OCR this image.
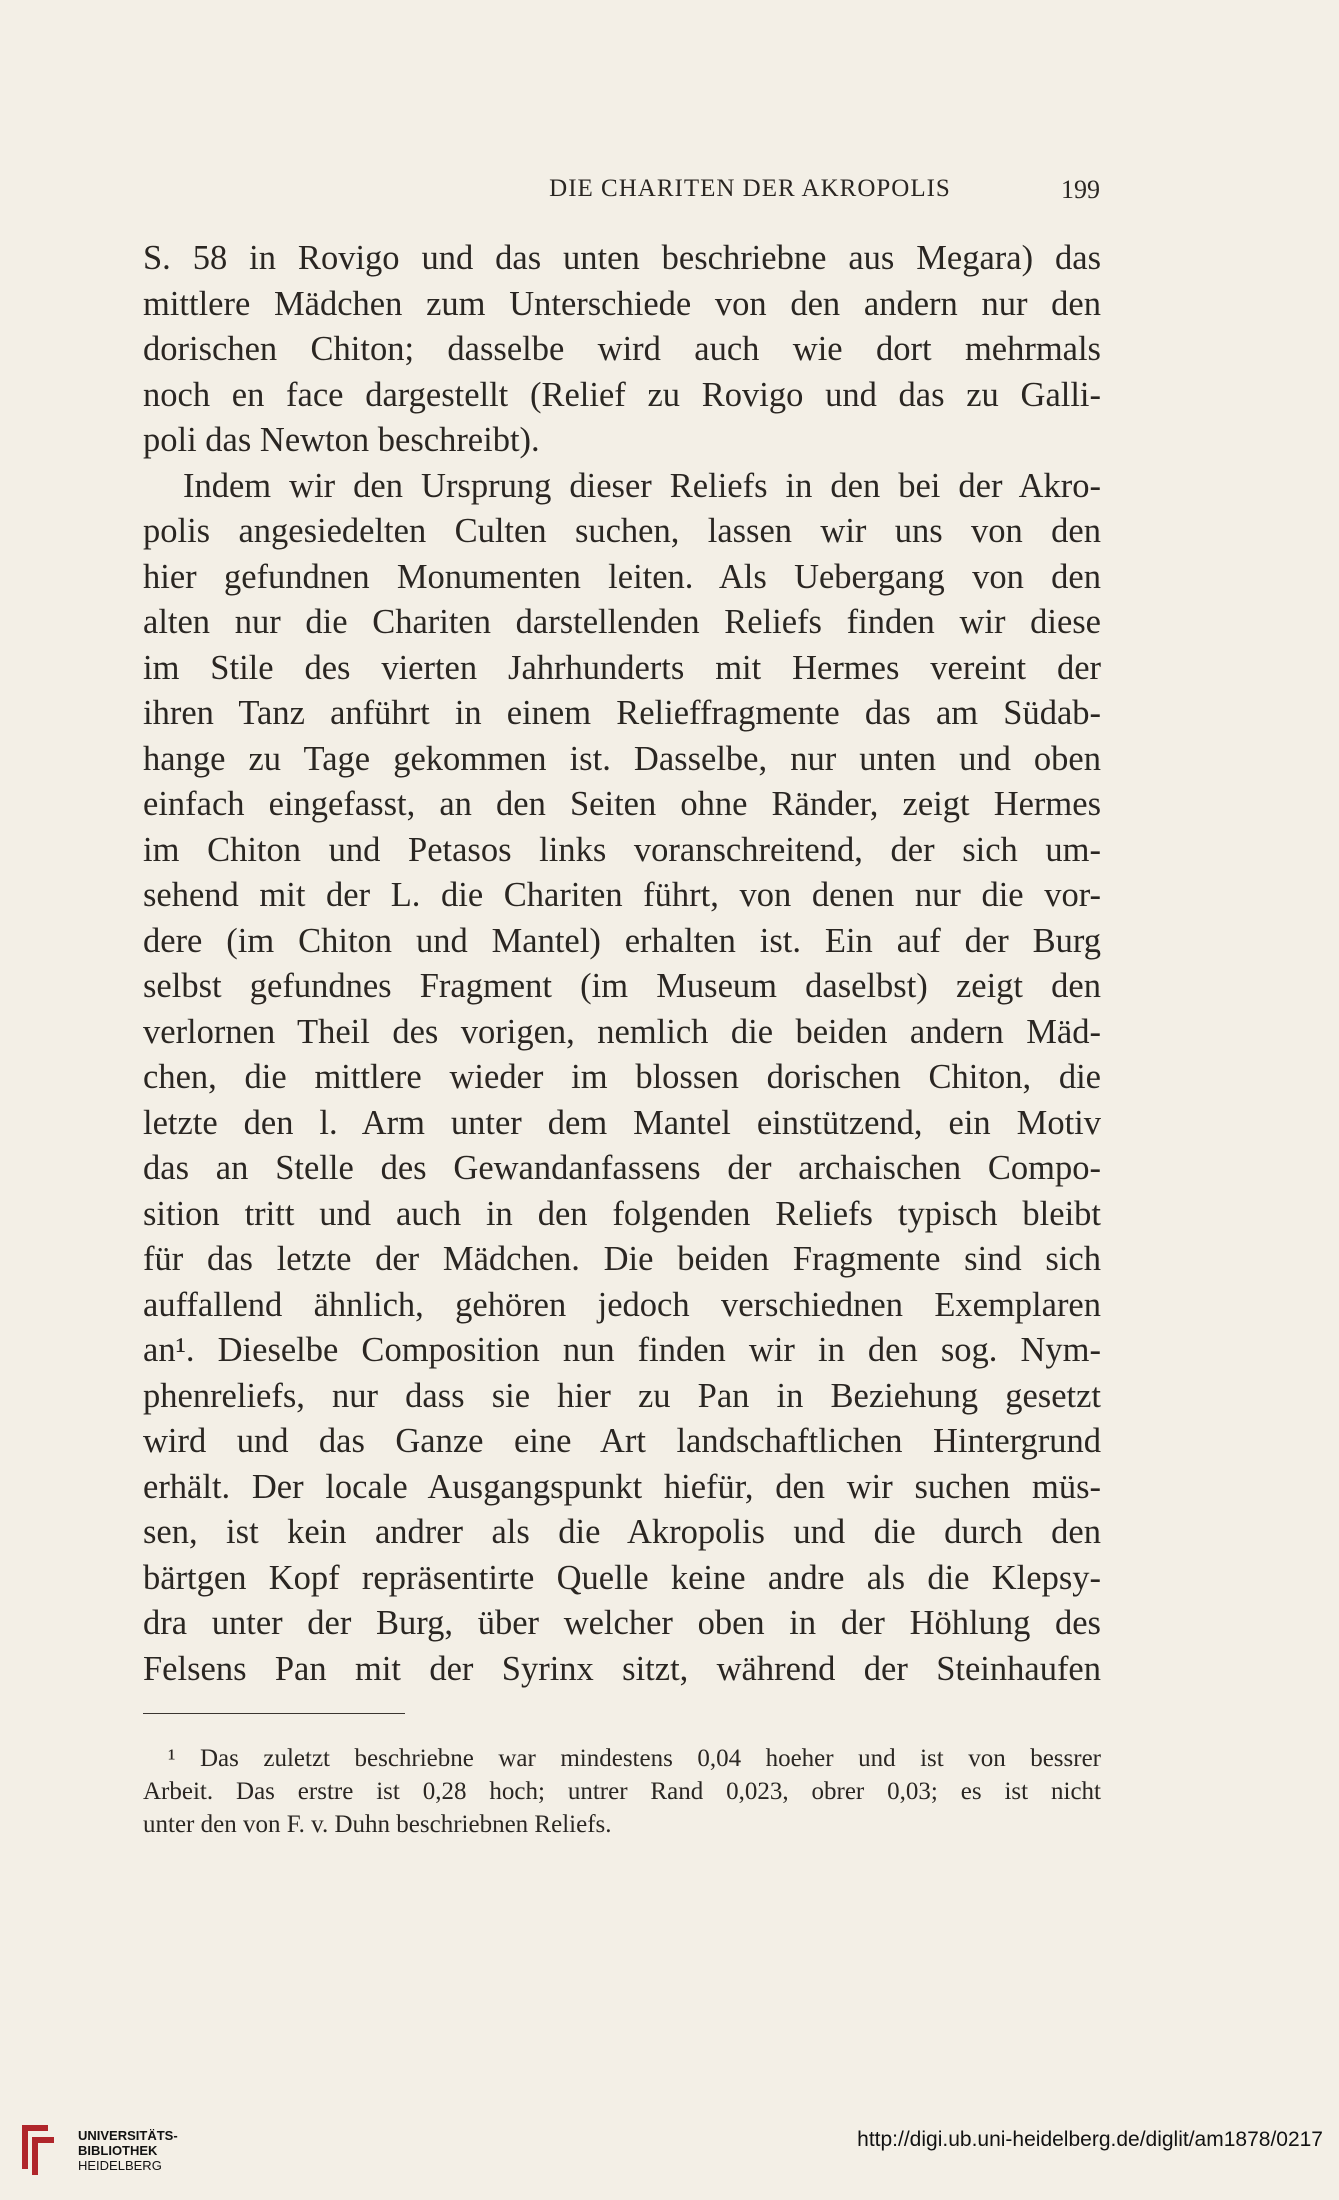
DIE CHARITEN DER AKROPOLIS	199
S. 58 in Rovigo und das unten beschriebne aus Megara) das
mittlere Mädchen zum Unterschiede von den andern nur den
dorischen Chiton; dasselbe wird auch wie dort mehrmals
noch en face dargestellt (Relief zu Rovigo und das zu Galli-
poli das Newton beschreibt).
Indem wir den Ursprung dieser Reliefs in den bei der Akro-
polis angesiedelten Culten suchen, lassen wir uns von den
hier gefundnen Monumenten leiten. Als Uebergang von den
alten nur die Chariten darstellenden Reliefs finden wir diese
im Stile des vierten Jahrhunderts mit Hermes vereint der
ihren Tanz anführt in einem Relieffragmente das am Südab-
hange zu Tage gekommen ist. Dasselbe, nur unten und oben
einfach eingefasst, an den Seiten ohne Ränder, zeigt Hermes
im Chiton und Petasos links voranschreitend, der sich um-
sehend mit der L. die Chariten führt, von denen nur die vor-
dere (im Chiton und Mantel) erhalten ist. Ein auf der Burg
selbst gefundnes Fragment (im Museum daselbst) zeigt den
verlornen Theil des vorigen, nemlich die beiden andern Mäd-
chen, die mittlere wieder im blossen dorischen Chiton, die
letzte den l. Arm unter dem Mantel einstützend, ein Motiv
das an Stelle des Gewandanfassens der archaischen Compo-
sition tritt und auch in den folgenden Reliefs typisch bleibt
für das letzte der Mädchen. Die beiden Fragmente sind sich
auffallend ähnlich, gehören jedoch verschiednen Exemplaren
an¹. Dieselbe Composition nun finden wir in den sog. Nym-
phenreliefs, nur dass sie hier zu Pan in Beziehung gesetzt
wird und das Ganze eine Art landschaftlichen Hintergrund
erhält. Der locale Ausgangspunkt hiefür, den wir suchen müs-
sen, ist kein andrer als die Akropolis und die durch den
bärtgen Kopf repräsentirte Quelle keine andre als die Klepsy-
dra unter der Burg, über welcher oben in der Höhlung des
Felsens Pan mit der Syrinx sitzt, während der Steinhaufen
¹ Das zuletzt beschriebne war mindestens 0,04 hoeher und ist von bessrer
Arbeit. Das erstre ist 0,28 hoch; untrer Rand 0,023, obrer 0,03; es ist nicht
unter den von F. v. Duhn beschriebnen Reliefs.
UNIVERSITÄTS-
BIBLIOTHEK
HEIDELBERG
http://digi.ub.uni-heidelberg.de/diglit/am1878/0217
